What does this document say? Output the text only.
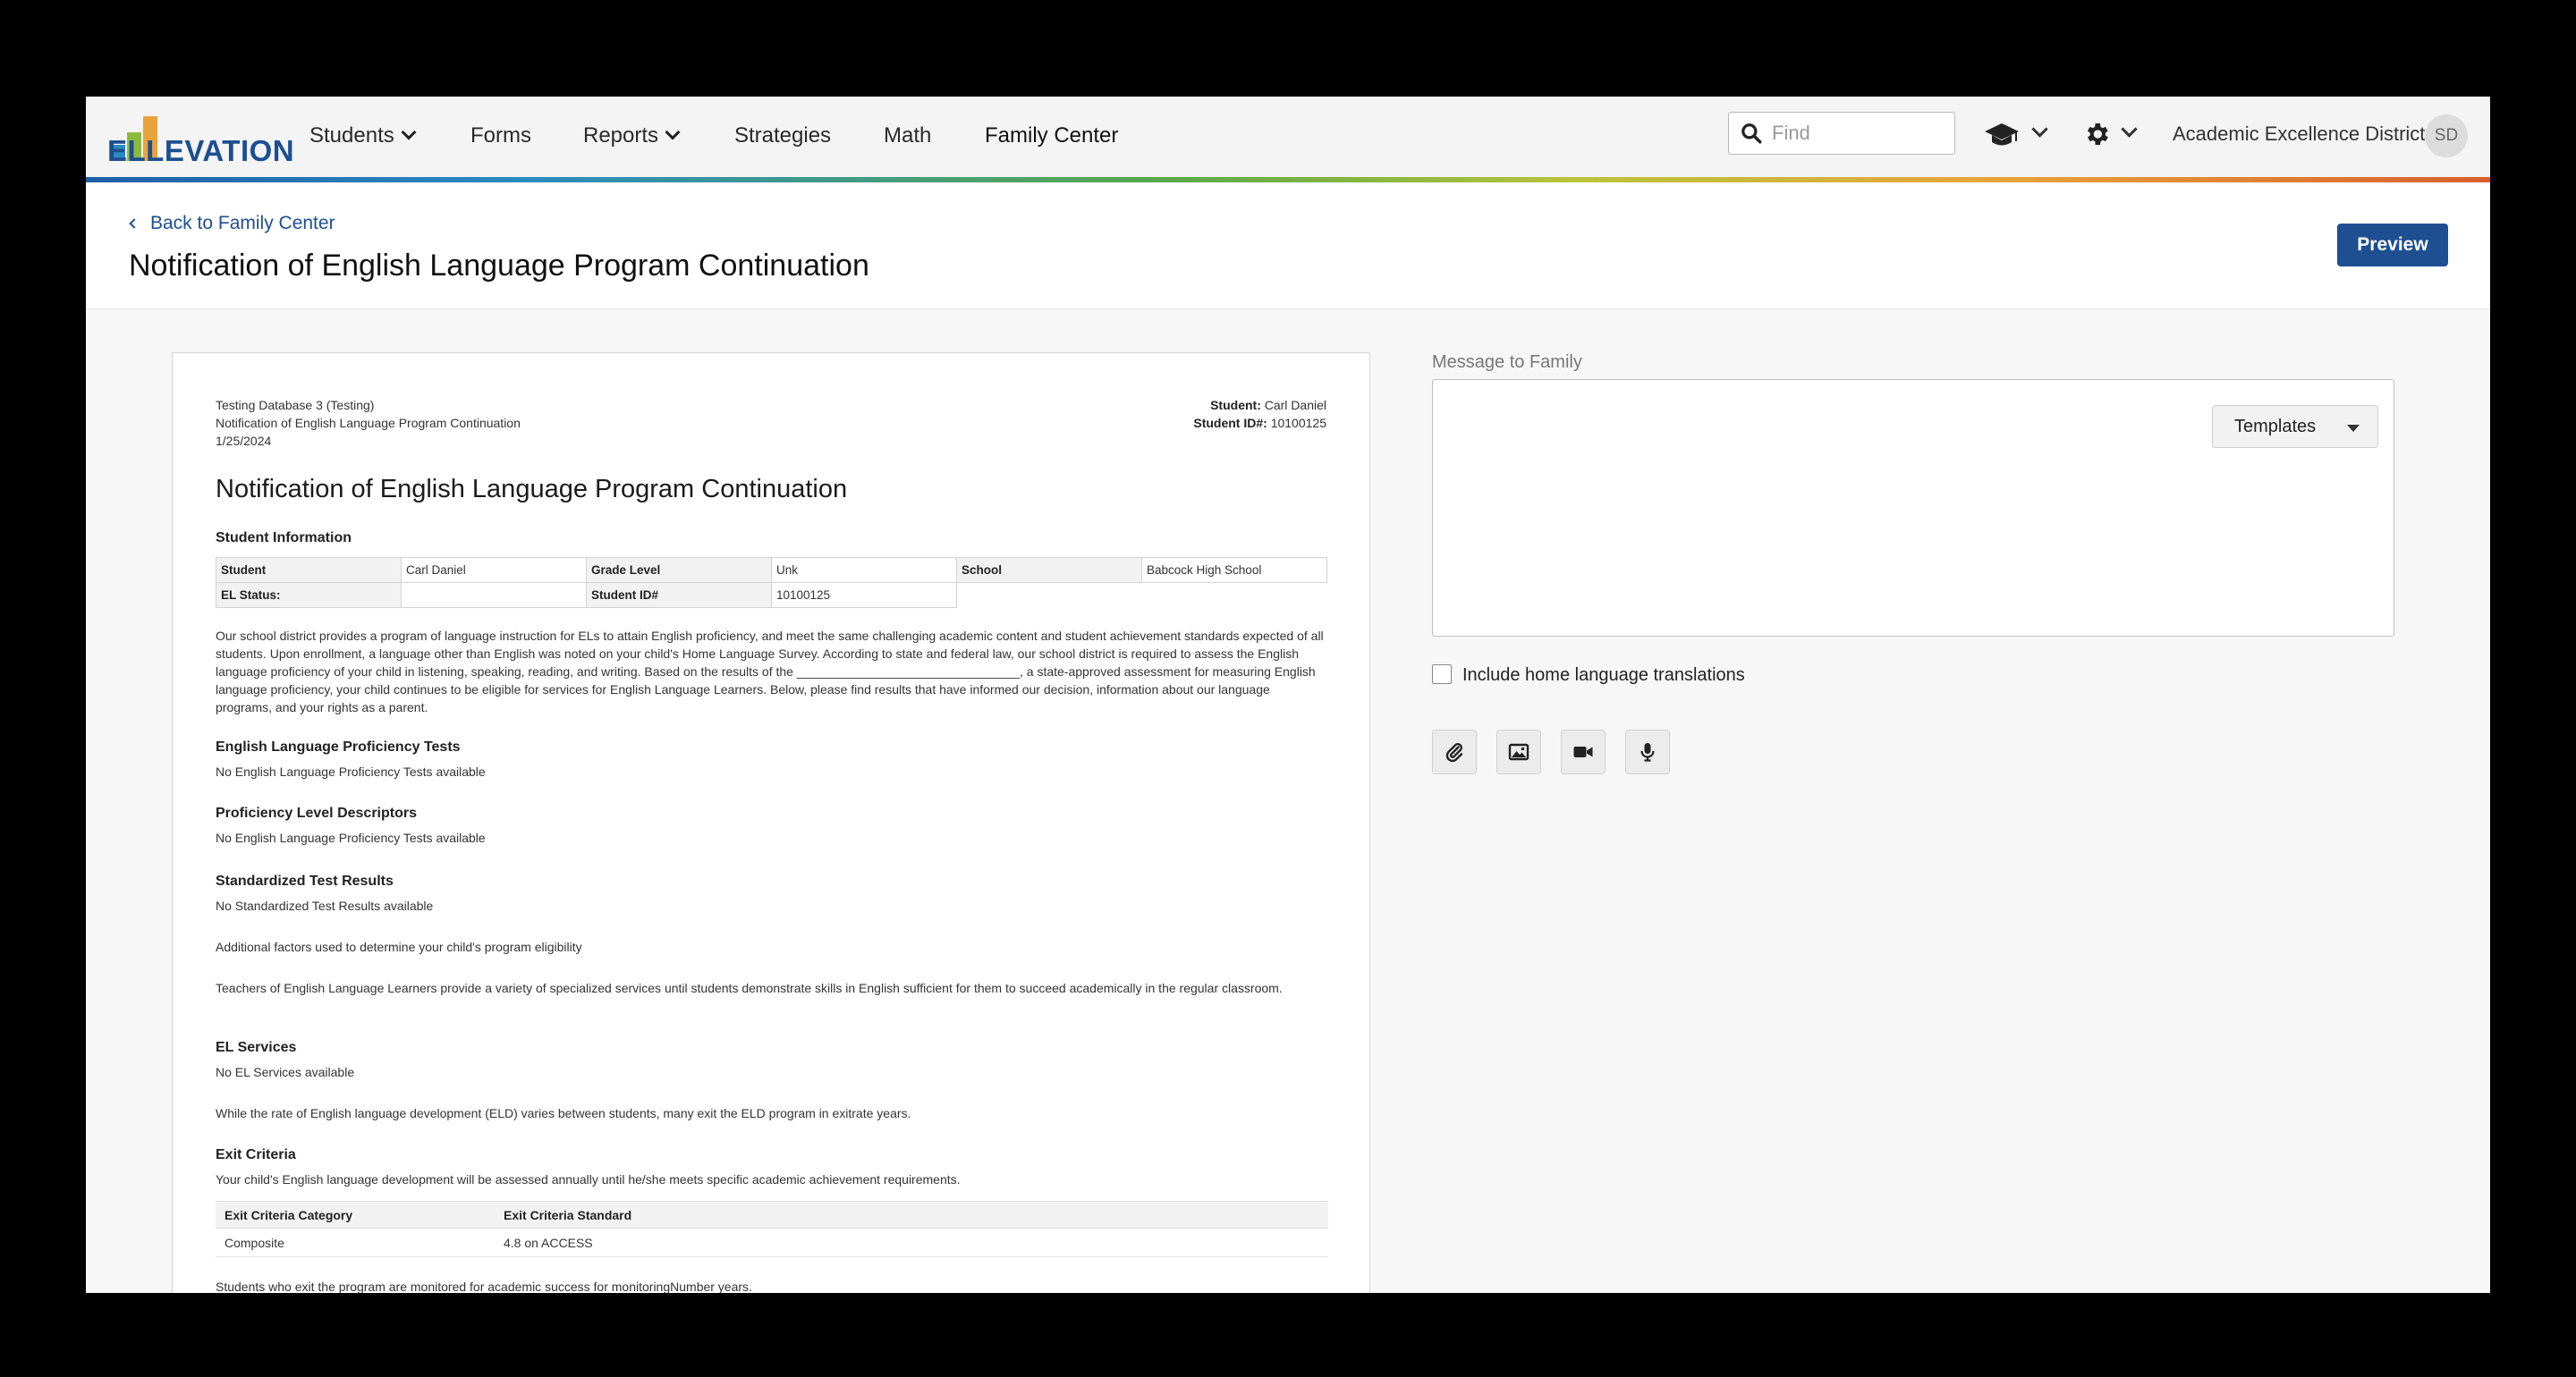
ELLEVATION Students	Forms Reports	Strategies Math Family Center
Find	Academic Excellence District SD
Back to Family Center
Notification of English Language Program Continuation
Preview
Testing Database 3 (Testing)
Notification of English Language Program Continuation
1/25/2024
Student: Carl Daniel
Student ID#: 10100125
Notification of English Language Program Continuation
Student Information
Student	Carl Daniel	Grade Level	Unk	School	Babcock High School
EL Status:		Student ID#	10100125		
Our school district provides a program of language instruction for ELs to attain English proficiency, and meet the same challenging academic content and student achievement standards expected of all students. Upon enrollment, a language other than English was noted on your child's Home Language Survey. According to state and federal law, our school district is required to assess the English language proficiency of your child in listening, speaking, reading, and writing. Based on the results of the ________________________________, a state-approved assessment for measuring English language proficiency, your child continues to be eligible for services for English Language Learners. Below, please find results that have informed our decision, information about our language programs, and your rights as a parent.
English Language Proficiency Tests
No English Language Proficiency Tests available
Proficiency Level Descriptors
No English Language Proficiency Tests available
Standardized Test Results
No Standardized Test Results available
Additional factors used to determine your child's program eligibility
Teachers of English Language Learners provide a variety of specialized services until students demonstrate skills in English sufficient for them to succeed academically in the regular classroom.
EL Services
No EL Services available
While the rate of English language development (ELD) varies between students, many exit the ELD program in exitrate years.
Exit Criteria
Your child's English language development will be assessed annually until he/she meets specific academic achievement requirements.
Exit Criteria Category	Exit Criteria Standard
Composite	4.8 on ACCESS
Students who exit the program are monitored for academic success for monitoringNumber years.
Message to Family
Templates
Include home language translations
